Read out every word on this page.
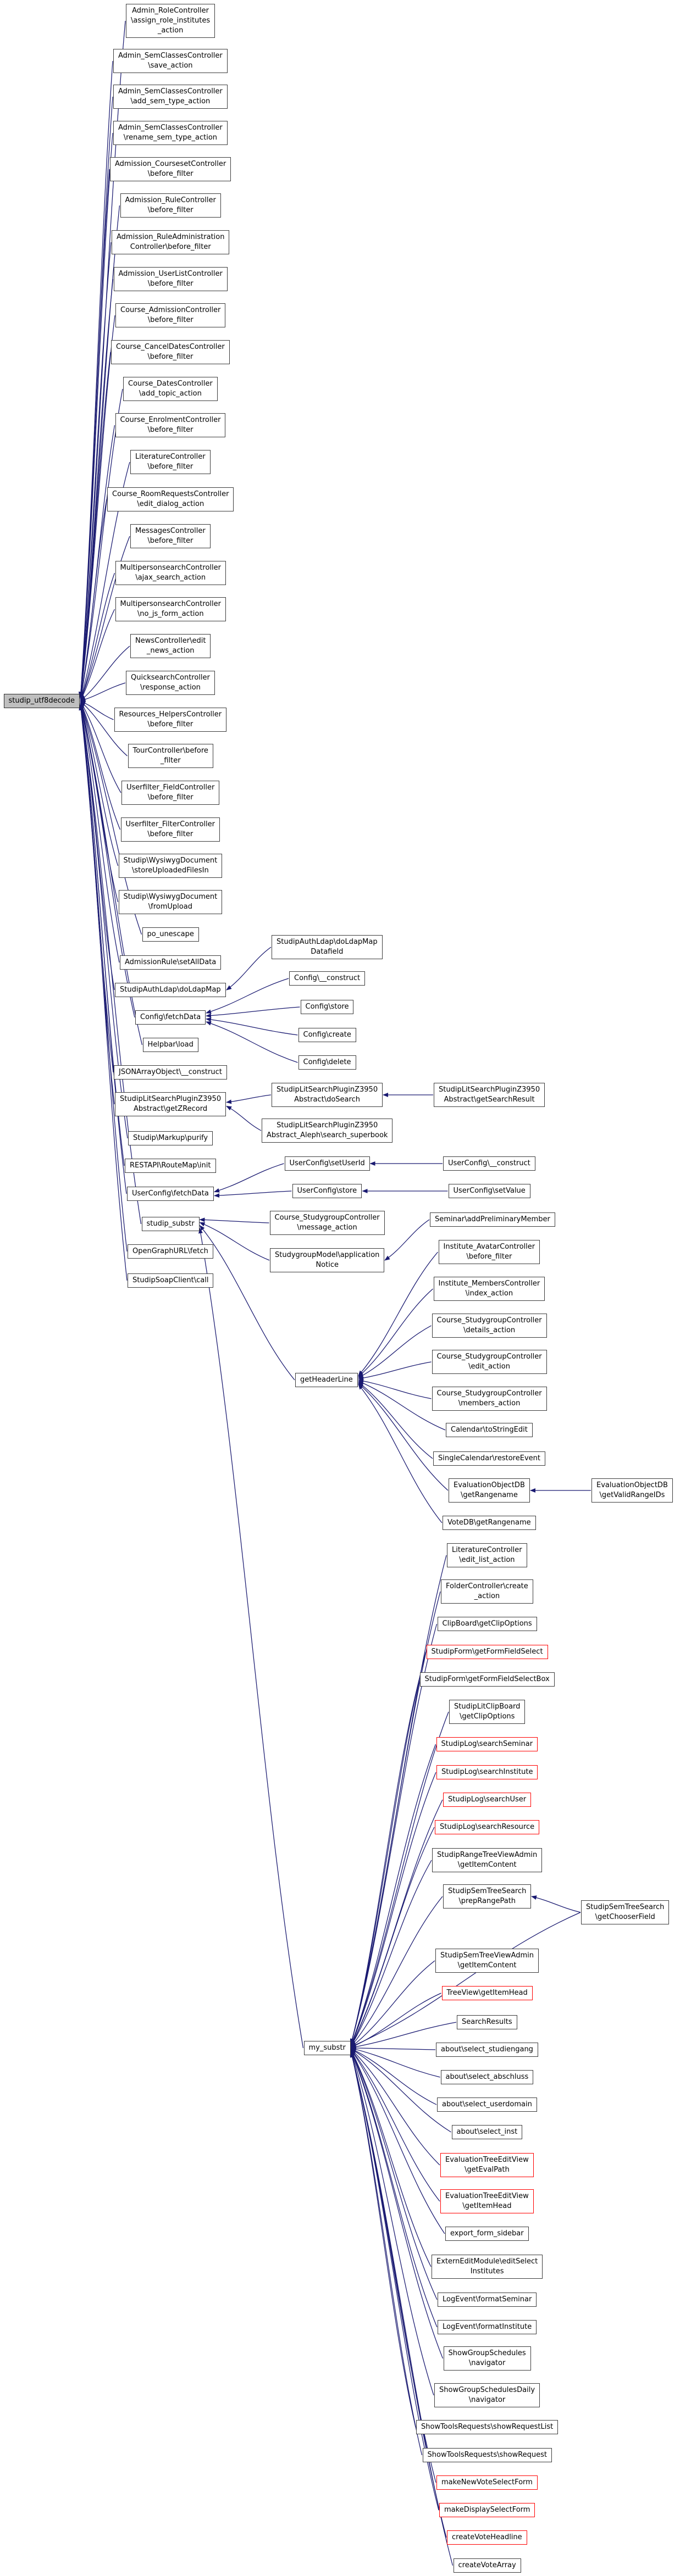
studip_utf8decode
Admin_RoleController
\assign_role_institutes
_action
Admin_SemClassesController
\save_action
Admin_SemClassesController
\add_sem_type_action
Admin_SemClassesController
\rename_sem_type_action
Admission_CoursesetController
\before_filter
Admission_RuleController
\before_filter
Admission_RuleAdministration
Controller\before_filter
Admission_UserListController
\before_filter
Course_AdmissionController
\before_filter
Course_CancelDatesController
\before_filter
Course_DatesController
\add_topic_action
Course_EnrolmentController
\before_filter
LiteratureController
\before_filter
Course_RoomRequestsController
\edit_dialog_action
MessagesController
\before_filter
MultipersonsearchController
\ajax_search_action
MultipersonsearchController
\no_js_form_action
NewsController\edit
_news_action
QuicksearchController
\response_action
Resources_HelpersController
\before_filter
TourController\before
_filter
Userfilter_FieldController
\before_filter
Userfilter_FilterController
\before_filter
Studip\WysiwygDocument
\storeUploadedFilesIn
Studip\WysiwygDocument
\fromUpload
po_unescape
AdmissionRule\setAllData
StudipAuthLdap\doLdapMap
Config\fetchData
Helpbar\load
JSONArrayObject\__construct
StudipLitSearchPluginZ3950
Abstract\getZRecord
Studip\Markup\purify
RESTAPI\RouteMap\init
UserConfig\fetchData
studip_substr
OpenGraphURL\fetch
StudipSoapClient\call
StudipAuthLdap\doLdapMap
Datafield
Config\__construct
Config\store
Config\create
Config\delete
StudipLitSearchPluginZ3950
Abstract\doSearch
StudipLitSearchPluginZ3950
Abstract_Aleph\search_superbook
UserConfig\setUserId
UserConfig\store
Course_StudygroupController
\message_action
StudygroupModel\application
Notice
getHeaderLine
my_substr
StudipLitSearchPluginZ3950
Abstract\getSearchResult
UserConfig\__construct
UserConfig\setValue
Seminar\addPreliminaryMember
Institute_AvatarController
\before_filter
Institute_MembersController
\index_action
Course_StudygroupController
\details_action
Course_StudygroupController
\edit_action
Course_StudygroupController
\members_action
Calendar\toStringEdit
SingleCalendar\restoreEvent
EvaluationObjectDB
\getRangename
VoteDB\getRangename
LiteratureController
\edit_list_action
FolderController\create
_action
ClipBoard\getClipOptions
StudipForm\getFormFieldSelect
StudipForm\getFormFieldSelectBox
StudipLitClipBoard
\getClipOptions
StudipLog\searchSeminar
StudipLog\searchInstitute
StudipLog\searchUser
StudipLog\searchResource
StudipRangeTreeViewAdmin
\getItemContent
StudipSemTreeSearch
\prepRangePath
StudipSemTreeViewAdmin
\getItemContent
TreeView\getItemHead
SearchResults
about\select_studiengang
about\select_abschluss
about\select_userdomain
about\select_inst
EvaluationTreeEditView
\getEvalPath
EvaluationTreeEditView
\getItemHead
export_form_sidebar
ExternEditModule\editSelect
Institutes
LogEvent\formatSeminar
LogEvent\formatInstitute
ShowGroupSchedules
\navigator
ShowGroupSchedulesDaily
\navigator
ShowToolsRequests\showRequestList
ShowToolsRequests\showRequest
makeNewVoteSelectForm
makeDisplaySelectForm
createVoteHeadline
createVoteArray
EvaluationObjectDB
\getValidRangeIDs
StudipSemTreeSearch
\getChooserField
